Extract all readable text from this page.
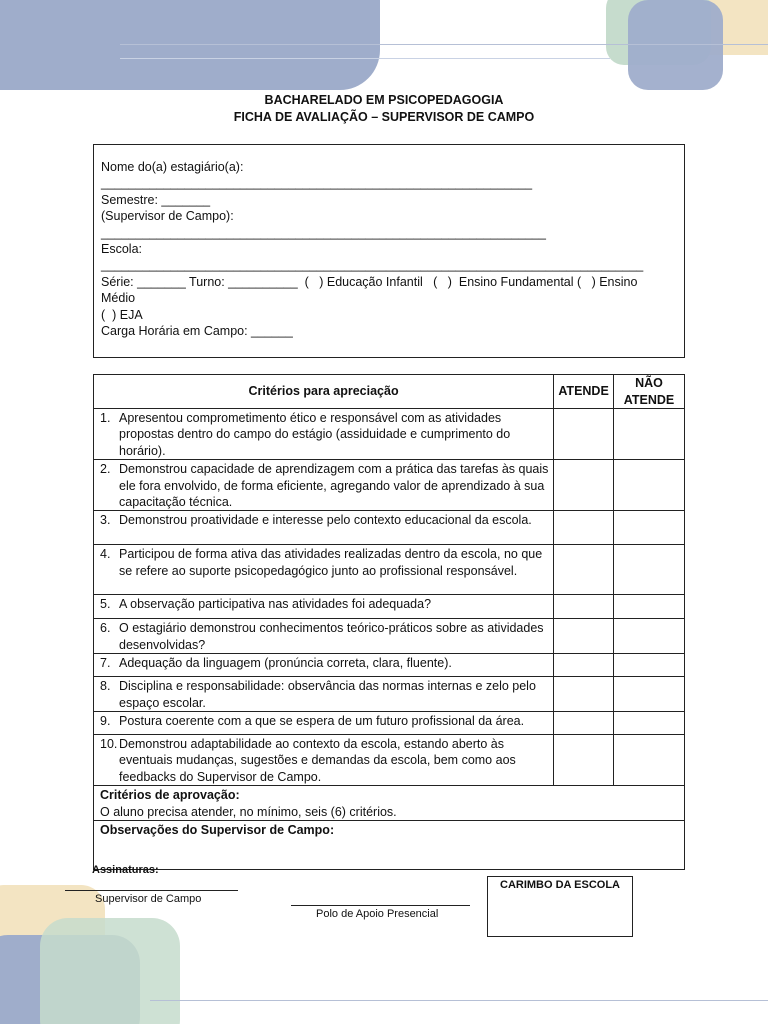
BACHARELADO EM PSICOPEDAGOGIA
FICHA DE AVALIAÇÃO – SUPERVISOR DE CAMPO
Nome do(a) estagiário(a):
______________________________________________________________
Semestre: _______
(Supervisor de Campo):
________________________________________________________________
Escola:
______________________________________________________________________________
Série: _______ Turno: __________  (   ) Educação Infantil   (   )  Ensino Fundamental (   ) Ensino
Médio
(  ) EJA
Carga Horária em Campo: ______
Critérios para apreciação	ATENDE	NÃO
ATENDE

1. Apresentou comprometimento ético e responsável com as atividades propostas dentro do campo do estágio (assiduidade e cumprimento do horário).		

2. Demonstrou capacidade de aprendizagem com a prática das tarefas às quais ele fora envolvido, de forma eficiente, agregando valor de aprendizado à sua capacitação técnica.		

3. Demonstrou proatividade e interesse pelo contexto educacional da escola.		

4. Participou de forma ativa das atividades realizadas dentro da escola, no que se refere ao suporte psicopedagógico junto ao profissional responsável.		

5. A observação participativa nas atividades foi adequada?		

6. O estagiário demonstrou conhecimentos teórico-práticos sobre as atividades desenvolvidas?		

7. Adequação da linguagem (pronúncia correta, clara, fluente).		

8. Disciplina e responsabilidade: observância das normas internas e zelo pelo espaço escolar.		

9. Postura coerente com a que se espera de um futuro profissional da área.		

10. Demonstrou adaptabilidade ao contexto da escola, estando aberto às eventuais mudanças, sugestões e demandas da escola, bem como aos feedbacks do Supervisor de Campo.		

Critérios de aprovação:
O aluno precisa atender, no mínimo, seis (6) critérios.		

Observações do Supervisor de Campo:		
Assinaturas:
Supervisor de Campo
Polo de Apoio Presencial
CARIMBO DA ESCOLA
